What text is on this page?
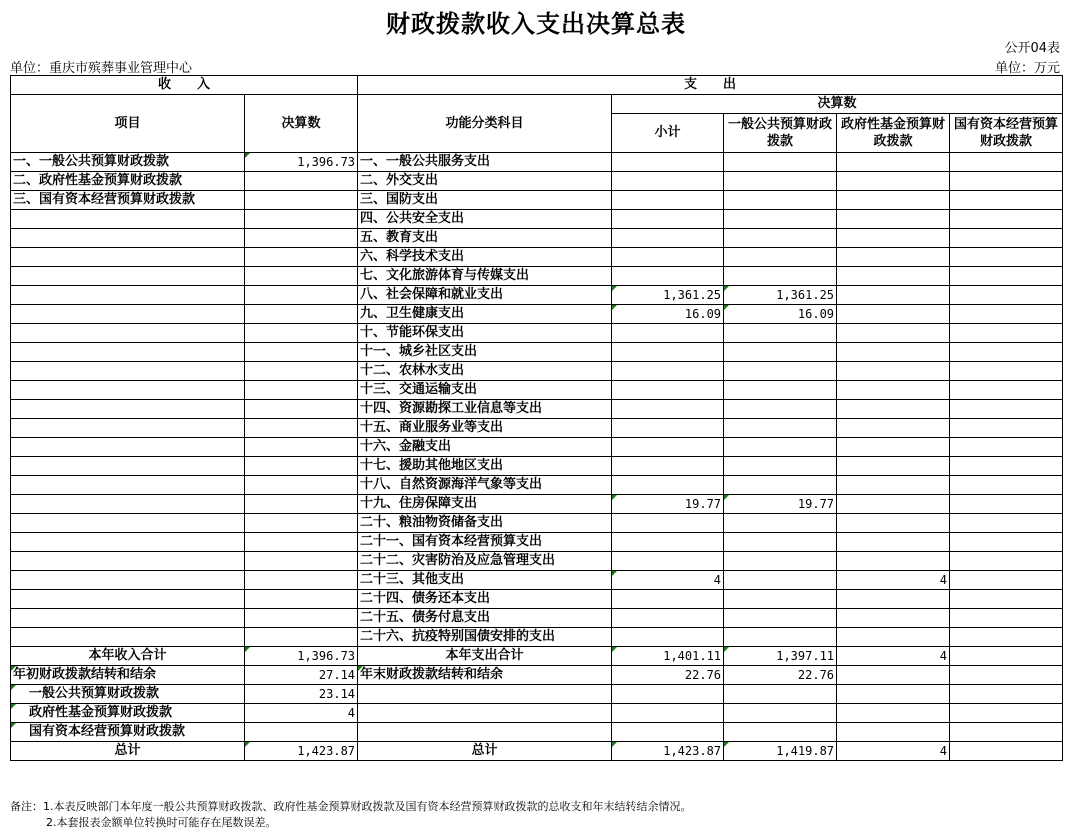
财政拨款收入支出决算总表
公开04表
单位：重庆市殡葬事业管理中心	单位：万元
收　　入		支　　出				
项目	决算数	功能分类科目	决算数			
			小计	一般公共预算财政拨款	政府性基金预算财政拨款	国有资本经营预算财政拨款

一、一般公共预算财政拨款	1,396.73	一、一般公共服务支出				
二、政府性基金预算财政拨款		二、外交支出				
三、国有资本经营预算财政拨款		三、国防支出				
		四、公共安全支出				
		五、教育支出				
		六、科学技术支出				
		七、文化旅游体育与传媒支出				
		八、社会保障和就业支出	1,361.25	1,361.25		
		九、卫生健康支出	16.09	16.09		
		十、节能环保支出				
		十一、城乡社区支出				
		十二、农林水支出				
		十三、交通运输支出				
		十四、资源勘探工业信息等支出				
		十五、商业服务业等支出				
		十六、金融支出				
		十七、援助其他地区支出				
		十八、自然资源海洋气象等支出				
		十九、住房保障支出	19.77	19.77		
		二十、粮油物资储备支出				
		二十一、国有资本经营预算支出				
		二十二、灾害防治及应急管理支出				
		二十三、其他支出	4		4	
		二十四、债务还本支出				
		二十五、债务付息支出				
		二十六、抗疫特别国债安排的支出				
本年收入合计	1,396.73	本年支出合计	1,401.11	1,397.11	4	
年初财政拨款结转和结余	27.14	年末财政拨款结转和结余	22.76	22.76		
一般公共预算财政拨款	23.14					
政府性基金预算财政拨款	4					
国有资本经营预算财政拨款						
总计	1,423.87	总计	1,423.87	1,419.87	4	
备注：1.本表反映部门本年度一般公共预算财政拨款、政府性基金预算财政拨款及国有资本经营预算财政拨款的总收支和年末结转结余情况。
2.本套报表金额单位转换时可能存在尾数误差。
